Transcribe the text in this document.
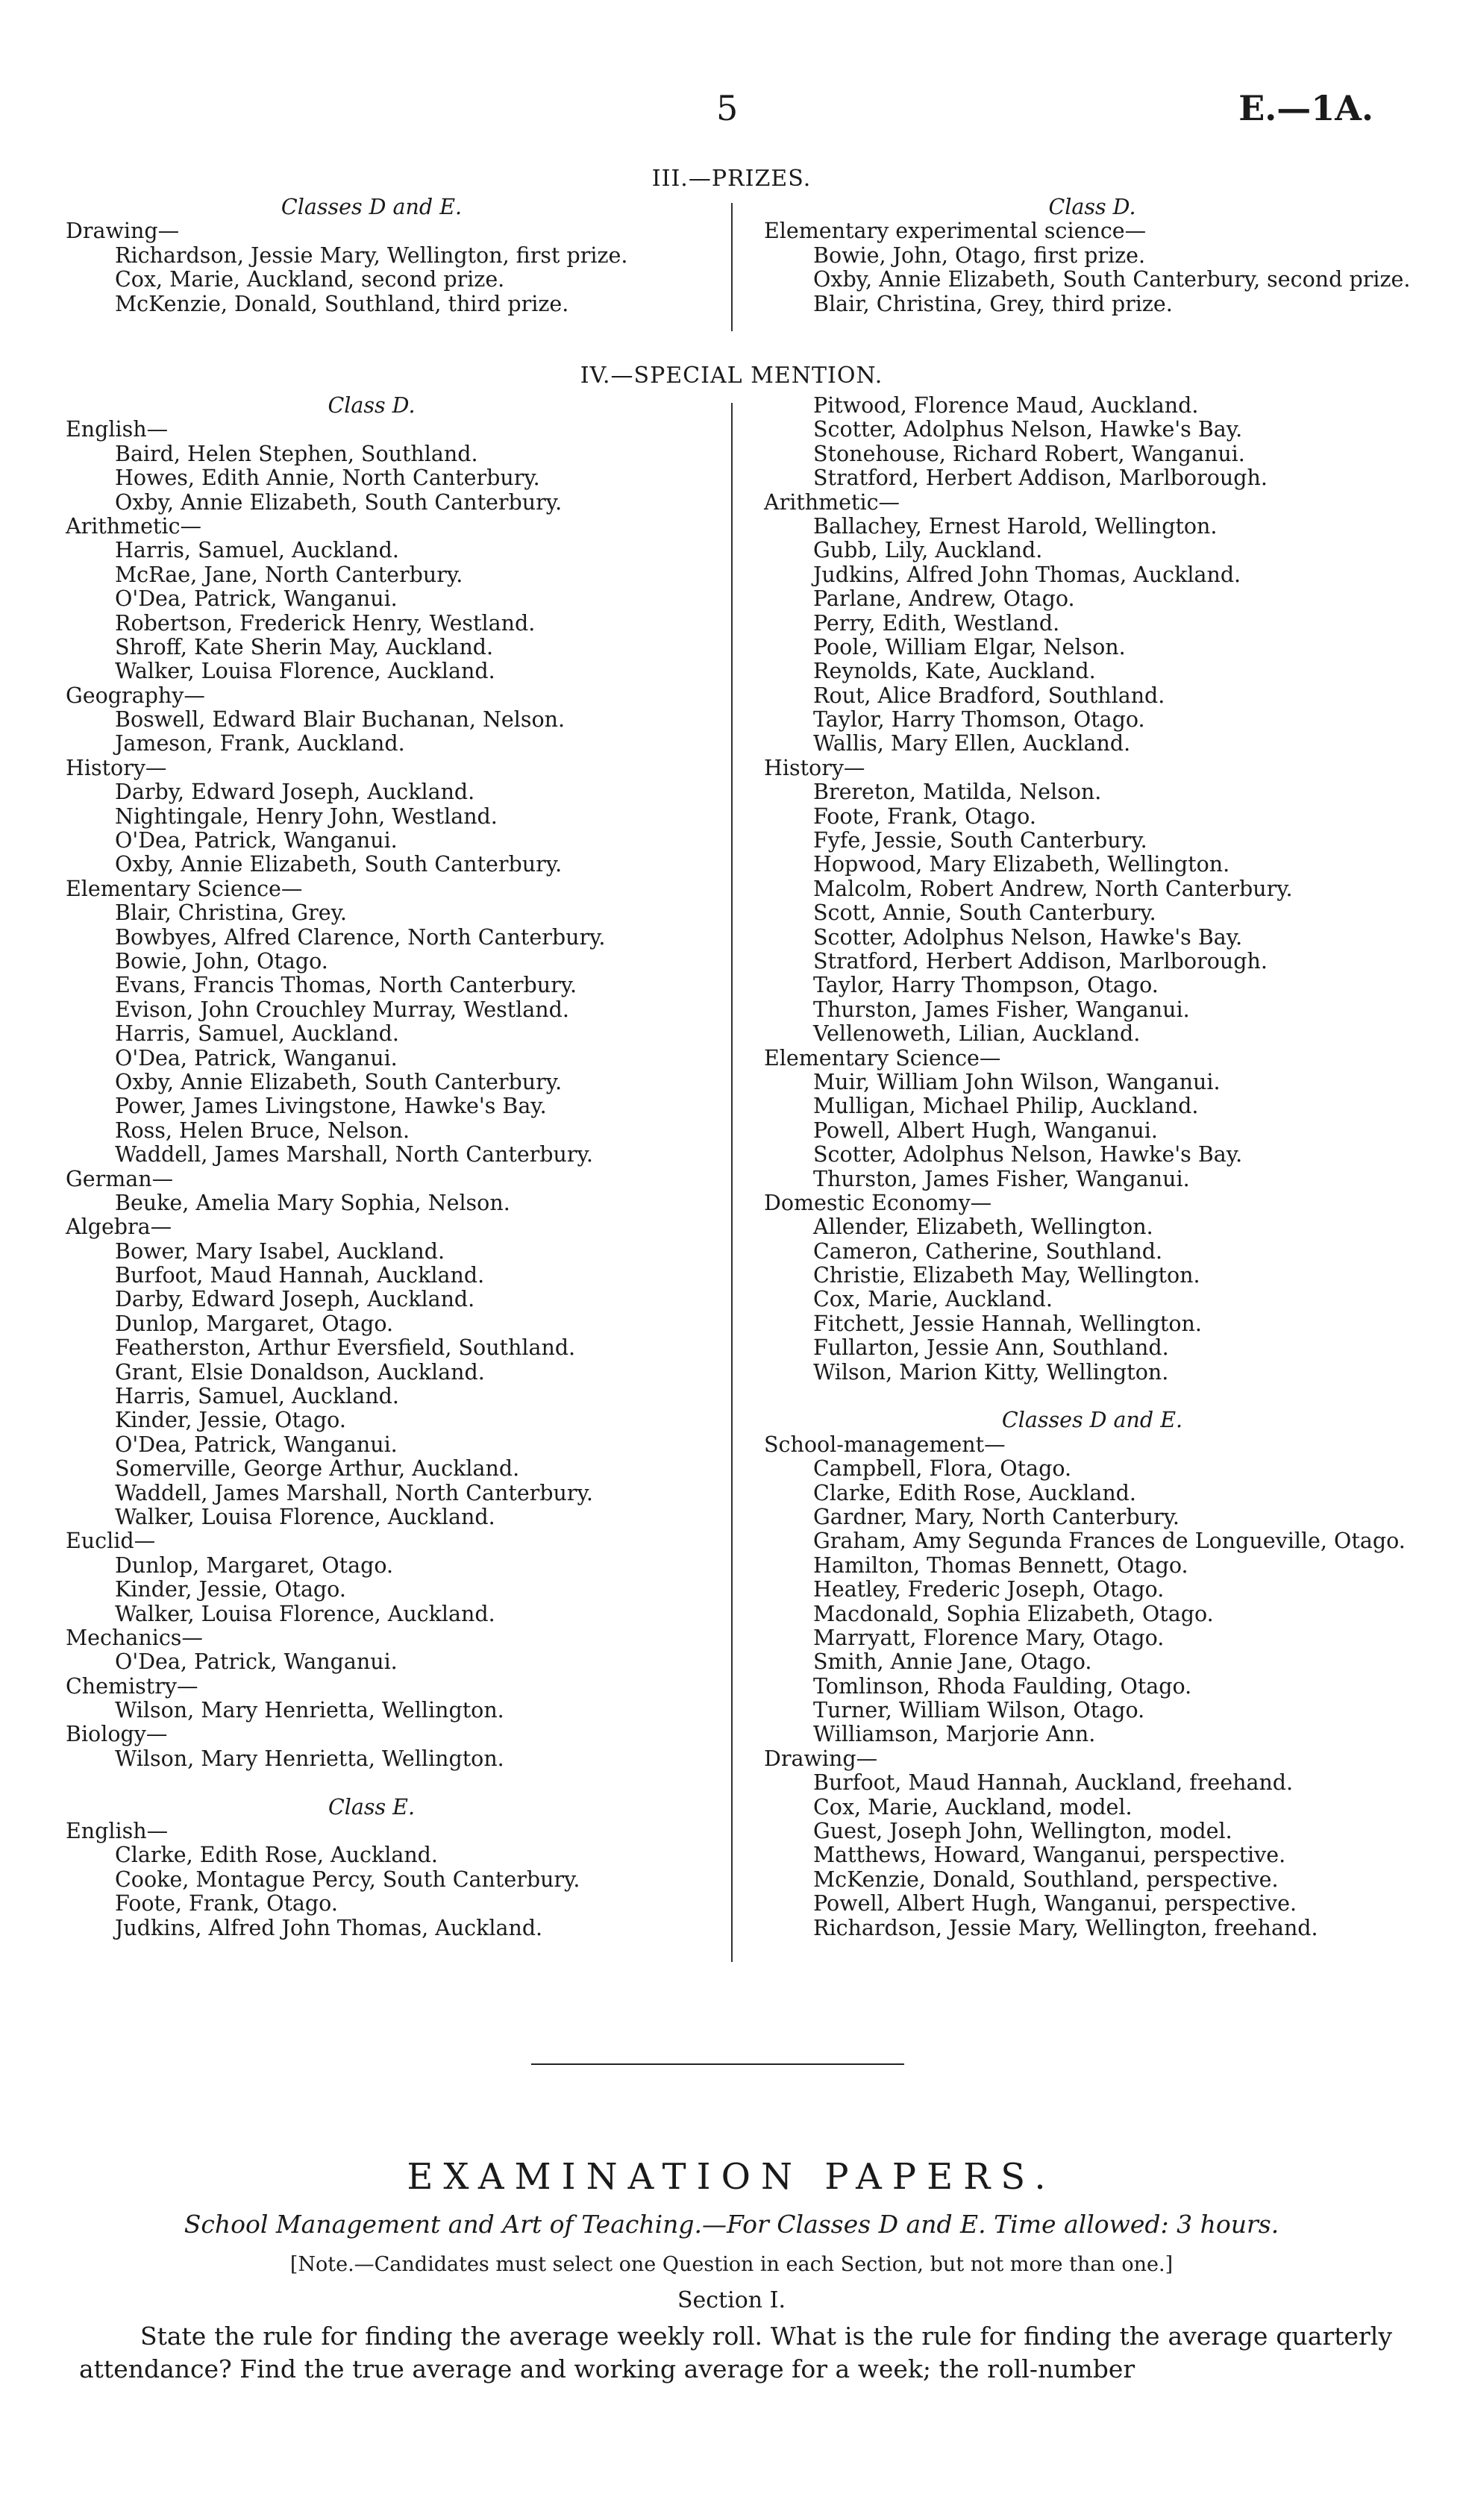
5	E.—1A.
III.—PRIZES.
Classes D and E.
Drawing—
Richardson, Jessie Mary, Wellington, first prize.
Cox, Marie, Auckland, second prize.
McKenzie, Donald, Southland, third prize.
Class D.
Elementary experimental science—
Bowie, John, Otago, first prize.
Oxby, Annie Elizabeth, South Canterbury, second prize.
Blair, Christina, Grey, third prize.
IV.—SPECIAL MENTION.
Class D.
English—
Baird, Helen Stephen, Southland.
Howes, Edith Annie, North Canterbury.
Oxby, Annie Elizabeth, South Canterbury.
Arithmetic—
Harris, Samuel, Auckland.
McRae, Jane, North Canterbury.
O'Dea, Patrick, Wanganui.
Robertson, Frederick Henry, Westland.
Shroff, Kate Sherin May, Auckland.
Walker, Louisa Florence, Auckland.
Geography—
Boswell, Edward Blair Buchanan, Nelson.
Jameson, Frank, Auckland.
History—
Darby, Edward Joseph, Auckland.
Nightingale, Henry John, Westland.
O'Dea, Patrick, Wanganui.
Oxby, Annie Elizabeth, South Canterbury.
Elementary Science—
Blair, Christina, Grey.
Bowbyes, Alfred Clarence, North Canterbury.
Bowie, John, Otago.
Evans, Francis Thomas, North Canterbury.
Evison, John Crouchley Murray, Westland.
Harris, Samuel, Auckland.
O'Dea, Patrick, Wanganui.
Oxby, Annie Elizabeth, South Canterbury.
Power, James Livingstone, Hawke's Bay.
Ross, Helen Bruce, Nelson.
Waddell, James Marshall, North Canterbury.
German—
Beuke, Amelia Mary Sophia, Nelson.
Algebra—
Bower, Mary Isabel, Auckland.
Burfoot, Maud Hannah, Auckland.
Darby, Edward Joseph, Auckland.
Dunlop, Margaret, Otago.
Featherston, Arthur Eversfield, Southland.
Grant, Elsie Donaldson, Auckland.
Harris, Samuel, Auckland.
Kinder, Jessie, Otago.
O'Dea, Patrick, Wanganui.
Somerville, George Arthur, Auckland.
Waddell, James Marshall, North Canterbury.
Walker, Louisa Florence, Auckland.
Euclid—
Dunlop, Margaret, Otago.
Kinder, Jessie, Otago.
Walker, Louisa Florence, Auckland.
Mechanics—
O'Dea, Patrick, Wanganui.
Chemistry—
Wilson, Mary Henrietta, Wellington.
Biology—
Wilson, Mary Henrietta, Wellington.
Class E.
English—
Clarke, Edith Rose, Auckland.
Cooke, Montague Percy, South Canterbury.
Foote, Frank, Otago.
Judkins, Alfred John Thomas, Auckland.
Pitwood, Florence Maud, Auckland.
Scotter, Adolphus Nelson, Hawke's Bay.
Stonehouse, Richard Robert, Wanganui.
Stratford, Herbert Addison, Marlborough.
Arithmetic—
Ballachey, Ernest Harold, Wellington.
Gubb, Lily, Auckland.
Judkins, Alfred John Thomas, Auckland.
Parlane, Andrew, Otago.
Perry, Edith, Westland.
Poole, William Elgar, Nelson.
Reynolds, Kate, Auckland.
Rout, Alice Bradford, Southland.
Taylor, Harry Thomson, Otago.
Wallis, Mary Ellen, Auckland.
History—
Brereton, Matilda, Nelson.
Foote, Frank, Otago.
Fyfe, Jessie, South Canterbury.
Hopwood, Mary Elizabeth, Wellington.
Malcolm, Robert Andrew, North Canterbury.
Scott, Annie, South Canterbury.
Scotter, Adolphus Nelson, Hawke's Bay.
Stratford, Herbert Addison, Marlborough.
Taylor, Harry Thompson, Otago.
Thurston, James Fisher, Wanganui.
Vellenoweth, Lilian, Auckland.
Elementary Science—
Muir, William John Wilson, Wanganui.
Mulligan, Michael Philip, Auckland.
Powell, Albert Hugh, Wanganui.
Scotter, Adolphus Nelson, Hawke's Bay.
Thurston, James Fisher, Wanganui.
Domestic Economy—
Allender, Elizabeth, Wellington.
Cameron, Catherine, Southland.
Christie, Elizabeth May, Wellington.
Cox, Marie, Auckland.
Fitchett, Jessie Hannah, Wellington.
Fullarton, Jessie Ann, Southland.
Wilson, Marion Kitty, Wellington.
Classes D and E.
School-management—
Campbell, Flora, Otago.
Clarke, Edith Rose, Auckland.
Gardner, Mary, North Canterbury.
Graham, Amy Segunda Frances de Longueville, Otago.
Hamilton, Thomas Bennett, Otago.
Heatley, Frederic Joseph, Otago.
Macdonald, Sophia Elizabeth, Otago.
Marryatt, Florence Mary, Otago.
Smith, Annie Jane, Otago.
Tomlinson, Rhoda Faulding, Otago.
Turner, William Wilson, Otago.
Williamson, Marjorie Ann.
Drawing—
Burfoot, Maud Hannah, Auckland, freehand.
Cox, Marie, Auckland, model.
Guest, Joseph John, Wellington, model.
Matthews, Howard, Wanganui, perspective.
McKenzie, Donald, Southland, perspective.
Powell, Albert Hugh, Wanganui, perspective.
Richardson, Jessie Mary, Wellington, freehand.
EXAMINATION PAPERS.
School Management and Art of Teaching.—For Classes D and E. Time allowed: 3 hours.
[Note.—Candidates must select one Question in each Section, but not more than one.]
Section I.
State the rule for finding the average weekly roll. What is the rule for finding the average quarterly attendance? Find the true average and working average for a week; the roll-number
